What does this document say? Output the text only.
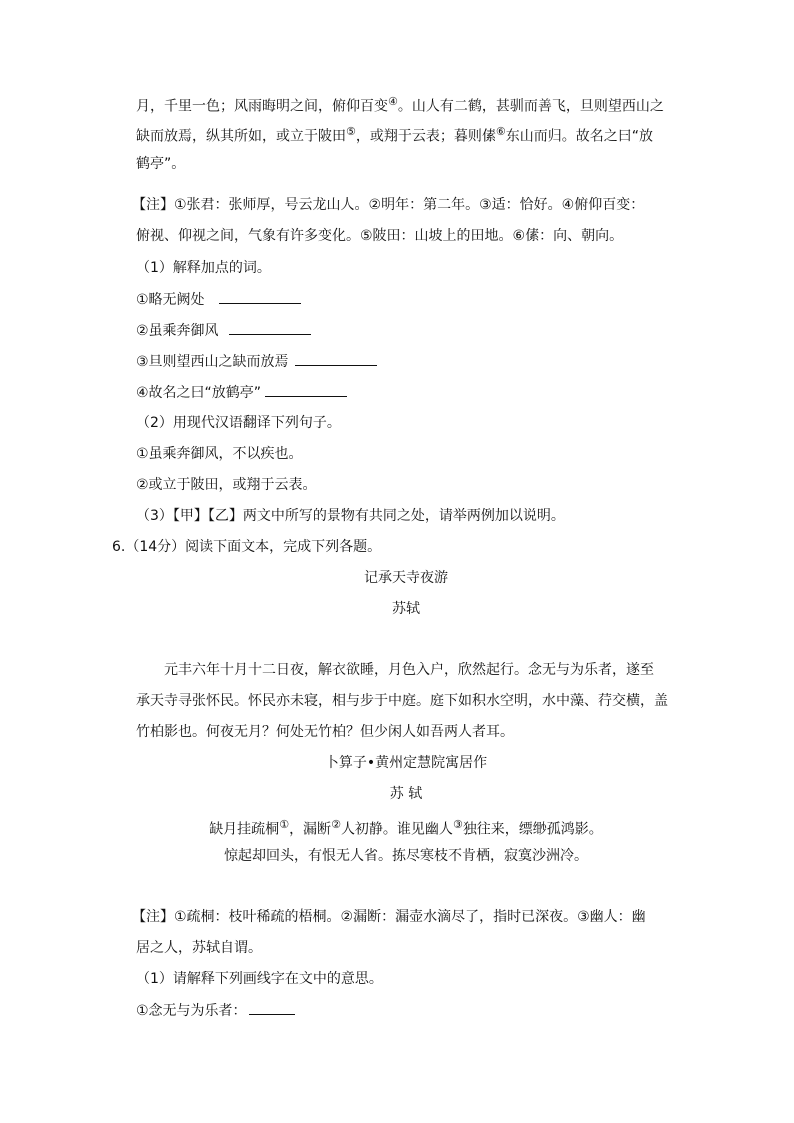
月，千里一色；风雨晦明之间，俯仰百变④。山人有二鹤，甚驯而善飞，旦则望西山之
缺而放焉，纵其所如，或立于陂田⑤，或翔于云表；暮则傃⑥东山而归。故名之曰“放
鹤亭”。
【注】①张君：张师厚，号云龙山人。②明年：第二年。③适：恰好。④俯仰百变：
俯视、仰视之间，气象有许多变化。⑤陂田：山坡上的田地。⑥傃：向、朝向。
（1）解释加点的词。
①略无阙处
②虽乘奔御风
③旦则望西山之缺而放焉
④故名之曰“放鹤亭”
（2）用现代汉语翻译下列句子。
①虽乘奔御风，不以疾也。
②或立于陂田，或翔于云表。
（3）【甲】【乙】两文中所写的景物有共同之处，请举两例加以说明。
6.（14分）阅读下面文本，完成下列各题。
记承天寺夜游
苏轼
元丰六年十月十二日夜，解衣欲睡，月色入户，欣然起行。念无与为乐者，遂至
承天寺寻张怀民。怀民亦未寝，相与步于中庭。庭下如积水空明，水中藻、荇交横，盖
竹柏影也。何夜无月？何处无竹柏？但少闲人如吾两人者耳。
卜算子•黄州定慧院寓居作
苏 轼
缺月挂疏桐①，漏断②人初静。谁见幽人③独往来，缥缈孤鸿影。
惊起却回头，有恨无人省。拣尽寒枝不肯栖，寂寞沙洲冷。
【注】①疏桐：枝叶稀疏的梧桐。②漏断：漏壶水滴尽了，指时已深夜。③幽人：幽
居之人，苏轼自谓。
（1）请解释下列画线字在文中的意思。
①念无与为乐者：
